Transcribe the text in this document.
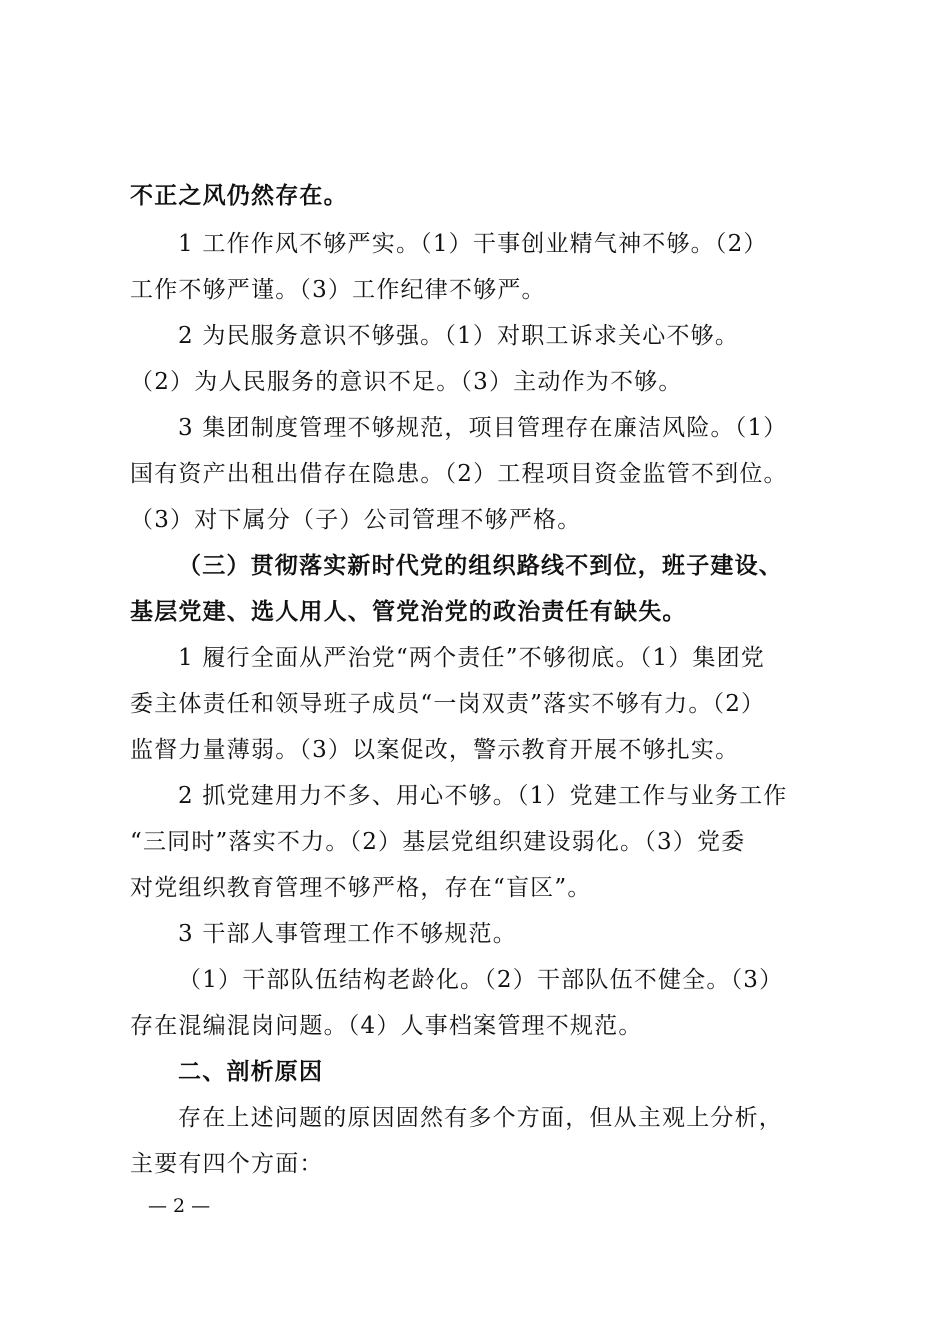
不正之风仍然存在。
1 工作作风不够严实。（1）干事创业精气神不够。（2）
工作不够严谨。（3）工作纪律不够严。
2 为民服务意识不够强。（1）对职工诉求关心不够。
（2）为人民服务的意识不足。（3）主动作为不够。
3 集团制度管理不够规范，项目管理存在廉洁风险。（1）
国有资产出租出借存在隐患。（2）工程项目资金监管不到位。
（3）对下属分（子）公司管理不够严格。
（三）贯彻落实新时代党的组织路线不到位，班子建设、
基层党建、选人用人、管党治党的政治责任有缺失。
1 履行全面从严治党“两个责任”不够彻底。（1）集团党
委主体责任和领导班子成员“一岗双责”落实不够有力。（2）
监督力量薄弱。（3）以案促改，警示教育开展不够扎实。
2 抓党建用力不多、用心不够。（1）党建工作与业务工作
“三同时”落实不力。（2）基层党组织建设弱化。（3）党委
对党组织教育管理不够严格，存在“盲区”。
3 干部人事管理工作不够规范。
（1）干部队伍结构老龄化。（2）干部队伍不健全。（3）
存在混编混岗问题。（4）人事档案管理不规范。
二、剖析原因
存在上述问题的原因固然有多个方面，但从主观上分析，
主要有四个方面：
— 2 —
